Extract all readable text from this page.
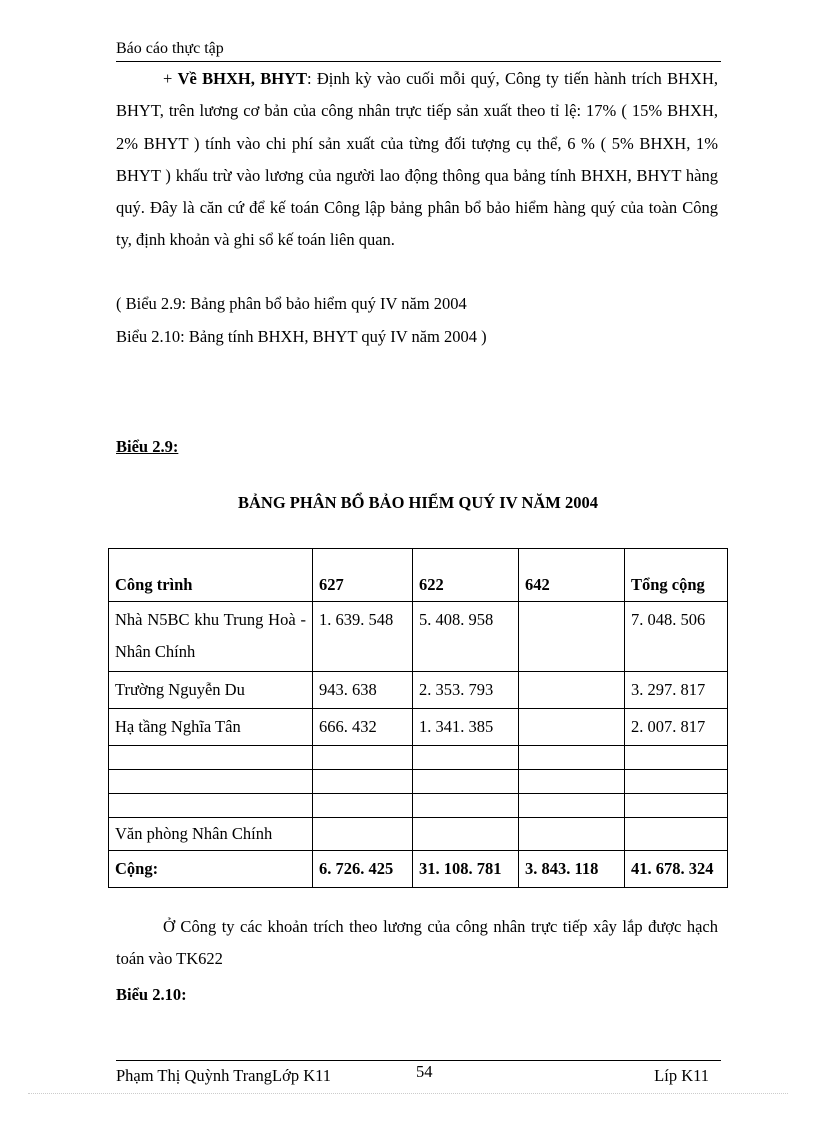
Báo cáo thực tập
+ Về BHXH, BHYT: Định kỳ vào cuối mỗi quý, Công ty tiến hành trích BHXH, BHYT, trên lương cơ bản của công nhân trực tiếp sản xuất theo tỉ lệ: 17% ( 15% BHXH, 2% BHYT ) tính vào chi phí sản xuất của từng đối tượng cụ thể, 6 % ( 5% BHXH, 1% BHYT ) khấu trừ vào lương của người lao động thông qua bảng tính BHXH, BHYT hàng quý. Đây là căn cứ để kế toán Công lập bảng phân bổ bảo hiểm hàng quý của toàn Công ty, định khoản và ghi sổ kế toán liên quan.
( Biểu 2.9: Bảng phân bổ bảo hiểm quý IV năm 2004
Biểu 2.10: Bảng tính BHXH, BHYT quý IV năm 2004 )
Biểu 2.9:
BẢNG PHÂN BỔ BẢO HIỂM QUÝ IV NĂM 2004
Công trình	627	622	642	Tổng cộng
Nhà N5BC khu Trung Hoà - Nhân Chính	1. 639. 548	5. 408. 958		7. 048. 506
Trường Nguyễn Du	943. 638	2. 353. 793		3. 297. 817
Hạ tầng Nghĩa Tân	666. 432	1. 341. 385		2. 007. 817

Văn phòng Nhân Chính				
Cộng:	6. 726. 425	31. 108. 781	3. 843. 118	41. 678. 324
Ở Công ty các khoản trích theo lương của công nhân trực tiếp xây lắp được hạch toán vào TK622
Biểu 2.10:
Phạm Thị Quỳnh TrangLớp K11	54	Líp K11
